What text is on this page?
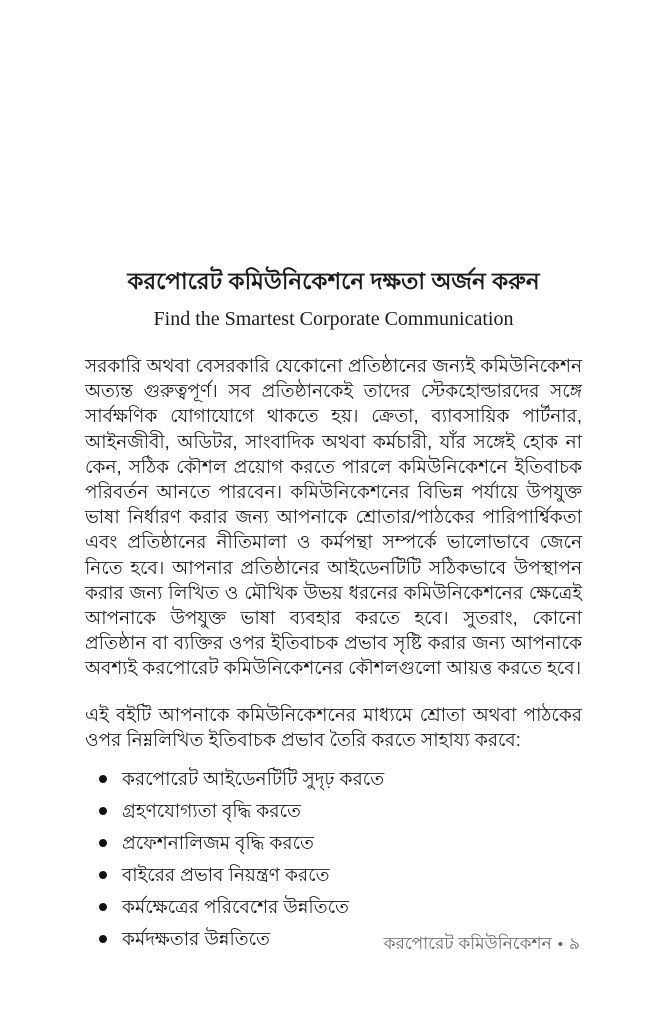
করপোরেট কমিউনিকেশনে দক্ষতা অর্জন করুন
Find the Smartest Corporate Communication

সরকারি অথবা বেসরকারি যেকোনো প্রতিষ্ঠানের জন্যই কমিউনিকেশন অত্যন্ত গুরুত্বপূর্ণ। সব প্রতিষ্ঠানকেই তাদের স্টেকহোল্ডারদের সঙ্গে সার্বক্ষণিক যোগাযোগে থাকতে হয়। ক্রেতা, ব্যাবসায়িক পার্টনার, আইনজীবী, অডিটর, সাংবাদিক অথবা কর্মচারী, যাঁর সঙ্গেই হোক না কেন, সঠিক কৌশল প্রয়োগ করতে পারলে কমিউনিকেশনে ইতিবাচক পরিবর্তন আনতে পারবেন। কমিউনিকেশনের বিভিন্ন পর্যায়ে উপযুক্ত ভাষা নির্ধারণ করার জন্য আপনাকে শ্রোতার/পাঠকের পারিপার্শ্বিকতা এবং প্রতিষ্ঠানের নীতিমালা ও কর্মপন্থা সম্পর্কে ভালোভাবে জেনে নিতে হবে। আপনার প্রতিষ্ঠানের আইডেনটিটি সঠিকভাবে উপস্থাপন করার জন্য লিখিত ও মৌখিক উভয় ধরনের কমিউনিকেশনের ক্ষেত্রেই আপনাকে উপযুক্ত ভাষা ব্যবহার করতে হবে। সুতরাং, কোনো প্রতিষ্ঠান বা ব্যক্তির ওপর ইতিবাচক প্রভাব সৃষ্টি করার জন্য আপনাকে অবশ্যই করপোরেট কমিউনিকেশনের কৌশলগুলো আয়ত্ত করতে হবে।

এই বইটি আপনাকে কমিউনিকেশনের মাধ্যমে শ্রোতা অথবা পাঠকের ওপর নিম্নলিখিত ইতিবাচক প্রভাব তৈরি করতে সাহায্য করবে:

করপোরেট আইডেনটিটি সুদৃঢ় করতে
গ্রহণযোগ্যতা বৃদ্ধি করতে
প্রফেশনালিজম বৃদ্ধি করতে
বাইরের প্রভাব নিয়ন্ত্রণ করতে
কর্মক্ষেত্রের পরিবেশের উন্নতিতে
কর্মদক্ষতার উন্নতিতে	করপোরেট কমিউনিকেশন • ৯
